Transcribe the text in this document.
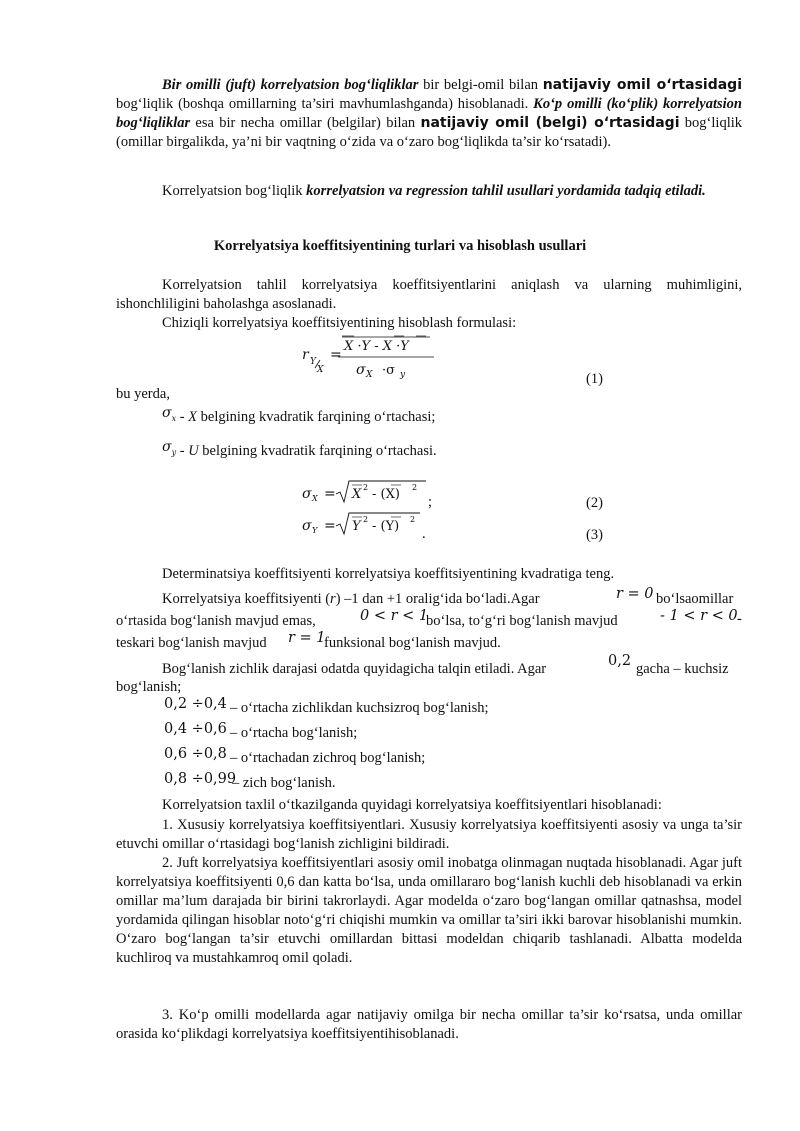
Bir omilli (juft) korrelyatsion bog‘liqliklar bir belgi-omil bilan natijaviy omil o‘rtasidagi bog‘liqlik (boshqa omillarning ta’siri mavhumlashganda) hisoblanadi. Ko‘p omilli (ko‘plik) korrelyatsion bog‘liqliklar esa bir necha omillar (belgilar) bilan natijaviy omil (belgi) o‘rtasidagi bog‘liqlik (omillar birgalikda, ya’ni bir vaqtning o‘zida va o‘zaro bog‘liqlikda ta’sir ko‘rsatadi).
Korrelyatsion bog‘liqlik korrelyatsion va regression tahlil usullari yordamida tadqiq etiladi.
Korrelyatsiya koeffitsiyentining turlari va hisoblash usullari
Korrelyatsion tahlil korrelyatsiya koeffitsiyentlarini aniqlash va ularning muhimligini, ishonchliligini baholashga asoslanadi.
Chiziqli korrelyatsiya koeffitsiyentining hisoblash formulasi:
r Y
X
=
X ·Y - X ·Y
σ X ·σ y	(1)
bu yerda,
$\sigma_x$ - X belgining kvadratik farqining o‘rtachasi;
$\sigma_y$ - U belgining kvadratik farqining o‘rtachasi.
σ X = X 2 - (X) 2
;	(2)
σ Y = Y 2 - (Y) 2
.	(3)
Determinatsiya koeffitsiyenti korrelyatsiya koeffitsiyentining kvadratiga teng.
Korrelyatsiya koeffitsiyenti (r) –1 dan +1 oralig‘ida bo‘ladi.Agar	r = 0 bo‘lsaomillar
o‘rtasida bog‘lanish mavjud emas,	0 < r < 1
bo‘lsa, to‘g‘ri bog‘lanish mavjud	- 1 < r < 0 -
teskari bog‘lanish mavjud r = 1
funksional bog‘lanish mavjud.
Bog‘lanish zichlik darajasi odatda quyidagicha talqin etiladi. Agar	0,2 gacha – kuchsiz
bog‘lanish;
0,2 ÷0,4 – o‘rtacha zichlikdan kuchsizroq bog‘lanish;
0,4 ÷0,6 – o‘rtacha bog‘lanish;
0,6 ÷0,8 – o‘rtachadan zichroq bog‘lanish;
0,8 ÷0,99– zich bog‘lanish.
Korrelyatsion taxlil o‘tkazilganda quyidagi korrelyatsiya koeffitsiyentlari hisoblanadi:
1. Xususiy korrelyatsiya koeffitsiyentlari. Xususiy korrelyatsiya koeffitsiyenti asosiy va unga ta’sir etuvchi omillar o‘rtasidagi bog‘lanish zichligini bildiradi.
2. Juft korrelyatsiya koeffitsiyentlari asosiy omil inobatga olinmagan nuqtada hisoblanadi. Agar juft korrelyatsiya koeffitsiyenti 0,6 dan katta bo‘lsa, unda omillararo bog‘lanish kuchli deb hisoblanadi va erkin omillar ma’lum darajada bir birini takrorlaydi. Agar modelda o‘zaro bog‘langan omillar qatnashsa, model yordamida qilingan hisoblar noto‘g‘ri chiqishi mumkin va omillar ta’siri ikki barovar hisoblanishi mumkin. O‘zaro bog‘langan ta’sir etuvchi omillardan bittasi modeldan chiqarib tashlanadi. Albatta modelda kuchliroq va mustahkamroq omil qoladi.
3. Ko‘p omilli modellarda agar natijaviy omilga bir necha omillar ta’sir ko‘rsatsa, unda omillar orasida ko‘plikdagi korrelyatsiya koeffitsiyentihisoblanadi.
